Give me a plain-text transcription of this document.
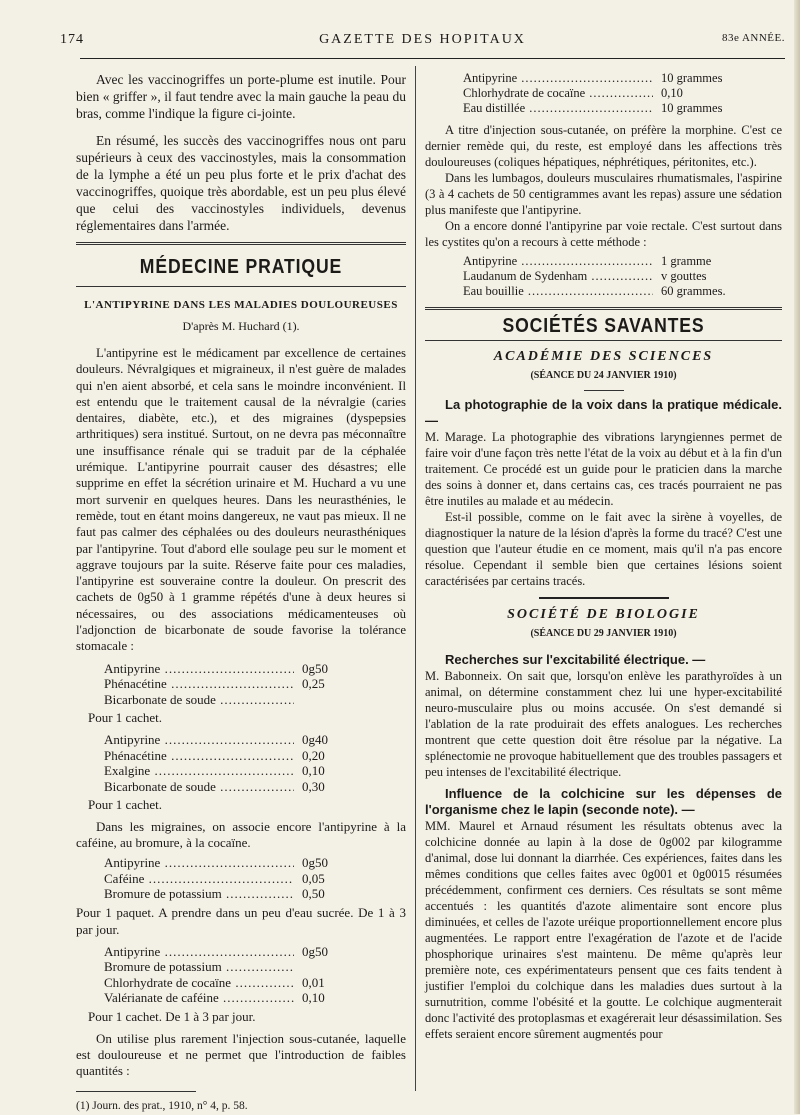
174	GAZETTE DES HOPITAUX	83e ANNÉE.

Avec les vaccinogriffes un porte-plume est inutile. Pour bien « griffer », il faut tendre avec la main gauche la peau du bras, comme l'indique la figure ci-jointe.

En résumé, les succès des vaccinogriffes nous ont paru supérieurs à ceux des vaccinostyles, mais la consommation de la lymphe a été un peu plus forte et le prix d'achat des vaccinogriffes, quoique très abordable, est un peu plus élevé que celui des vaccinostyles individuels, devenus réglementaires dans l'armée.

MÉDECINE PRATIQUE
L'ANTIPYRINE DANS LES MALADIES DOULOUREUSES
D'après M. Huchard (1).

L'antipyrine est le médicament par excellence de certaines douleurs. Névralgiques et migraineux, il n'est guère de malades qui n'en aient absorbé, et cela sans le moindre inconvénient. Il est entendu que le traitement causal de la névralgie (caries dentaires, diabète, etc.), et des migraines (dyspepsies arthritiques) sera institué. Surtout, on ne devra pas méconnaître une insuffisance rénale qui se traduit par de la céphalée urémique. L'antipyrine pourrait causer des désastres; elle supprime en effet la sécrétion urinaire et M. Huchard a vu une mort survenir en quelques heures. Dans les neurasthénies, le remède, tout en étant moins dangereux, ne vaut pas mieux. Il ne faut pas calmer des céphalées ou des douleurs neurasthéniques par l'antipyrine. Tout d'abord elle soulage peu sur le moment et aggrave toujours par la suite. Réserve faite pour ces maladies, l'antipyrine est souveraine contre la douleur. On prescrit des cachets de 0g50 à 1 gramme répétés d'une à deux heures si nécessaires, ou des associations médicamenteuses où l'adjonction de bicarbonate de soude favorise la tolérance stomacale :

Antipyrine .....	0g50
Phénacétine .....	0,25
Bicarbonate de soude .....

Pour 1 cachet.

Antipyrine .....	0g40
Phénacétine .....	0,20
Exalgine .....	0,10
Bicarbonate de soude .....	0,30

Pour 1 cachet.

Dans les migraines, on associe encore l'antipyrine à la caféine, au bromure, à la cocaïne.

Antipyrine .....	0g50
Caféine .....	0,05
Bromure de potassium .....	0,50

Pour 1 paquet. A prendre dans un peu d'eau sucrée. De 1 à 3 par jour.

Antipyrine .....	0g50
Bromure de potassium .....
Chlorhydrate de cocaïne .....	0,01
Valérianate de caféine .....	0,10

Pour 1 cachet. De 1 à 3 par jour.

On utilise plus rarement l'injection sous-cutanée, laquelle est douloureuse et ne permet que l'introduction de faibles quantités :

(1) Journ. des prat., 1910, n° 4, p. 58.

Antipyrine .....	10 grammes
Chlorhydrate de cocaïne .....	0,10
Eau distillée .....	10 grammes

A titre d'injection sous-cutanée, on préfère la morphine. C'est ce dernier remède qui, du reste, est employé dans les affections très douloureuses (coliques hépatiques, néphrétiques, péritonites, etc.).

Dans les lumbagos, douleurs musculaires rhumatismales, l'aspirine (3 à 4 cachets de 50 centigrammes avant les repas) assure une sédation plus manifeste que l'antipyrine.

On a encore donné l'antipyrine par voie rectale. C'est surtout dans les cystites qu'on a recours à cette méthode :

Antipyrine .....	1 gramme
Laudanum de Sydenham .....	v gouttes
Eau bouillie .....	60 grammes.
SOCIÉTÉS SAVANTES
ACADÉMIE DES SCIENCES
(SÉANCE DU 24 JANVIER 1910)

La photographie de la voix dans la pratique médicale. —

M. Marage. La photographie des vibrations laryngiennes permet de faire voir d'une façon très nette l'état de la voix au début et à la fin d'un traitement. Ce procédé est un guide pour le praticien dans la marche des soins à donner et, dans certains cas, ces tracés pourraient ne pas être inutiles au malade et au médecin.

Est-il possible, comme on le fait avec la sirène à voyelles, de diagnostiquer la nature de la lésion d'après la forme du tracé? C'est une question que l'auteur étudie en ce moment, mais qu'il n'a pas encore résolue. Cependant il semble bien que certaines lésions soient caractérisées par certains tracés.

SOCIÉTÉ DE BIOLOGIE
(SÉANCE DU 29 JANVIER 1910)

Recherches sur l'excitabilité électrique. —

M. Babonneix. On sait que, lorsqu'on enlève les parathyroïdes à un animal, on détermine constamment chez lui une hyper-excitabilité neuro-musculaire plus ou moins accusée. On s'est demandé si l'ablation de la rate produirait des effets analogues. Les recherches montrent que cette question doit être résolue par la négative. La splénectomie ne provoque habituellement que des troubles passagers et peu intenses de l'excitabilité électrique.

Influence de la colchicine sur les dépenses de l'organisme chez le lapin (seconde note). —

MM. Maurel et Arnaud résument les résultats obtenus avec la colchicine donnée au lapin à la dose de 0g002 par kilogramme d'animal, dose lui donnant la diarrhée. Ces expériences, faites dans les mêmes conditions que celles faites avec 0g001 et 0g0015 résumées précédemment, confirment ces derniers. Ces résultats se sont même accentués : les quantités d'azote alimentaire sont encore plus diminuées, et celles de l'azote uréique proportionnellement encore plus augmentées. Le rapport entre l'exagération de l'azote et de l'acide phosphorique urinaires s'est maintenu. De même qu'après leur première note, ces expérimentateurs pensent que ces faits tendent à justifier l'emploi du colchique dans les maladies dues surtout à la surnutrition, comme l'obésité et la goutte. Le colchique augmenterait donc l'activité des protoplasmas et exagérerait leur désassimilation. Ses effets seraient encore sûrement augmentés pour
